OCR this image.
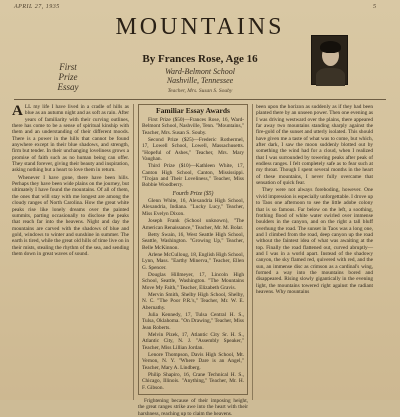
APRIL 27, 1935	5
MOUNTAINS
First
Prize
Essay
By Frances Rose, Age 16
Ward-Belmont School
Nashville, Tennessee
Teacher, Mrs. Susan S. Souby

ALL my life I have lived in a cradle of hills as blue as an autumn night and as soft as rain. After years of familiarity with their curving outlines, there has come to be a sense of spiritual kinship with them and an understanding of their different moods. There is a power in the hills that cannot be found anywhere except in their blue shadows, and strength, firm but tender. In their unchanging loveliness grows a promise of faith such as no human being can offer. They stand forever, giving their beauty and inspiration, asking nothing but a heart to love them in return.

Whenever I have gone, there have been hills. Perhaps they have been wide plains on the journey, but ultimately I have found the mountains. Of all of them, the ones that will stay with me longest are among the cloudy ranges of North Carolina. How the great white peaks rise like lonely dreams over the painted summits, parting occasionally to disclose the peaks that reach far into the heavens. Night and day the mountains are carved with the shadows of blue and gold, windows to winter and sunshine in summer. The earth is tired, while the great old hills of time live on in their mists, stealing the rhythm of the sea, and sending them down in great waves of sound.

Familiar Essay Awards

First Prize ($50)—Frances Rose, 16, Ward-Belmont School, Nashville, Tenn. "Mountains," Teacher, Mrs. Susan S. Souby.

Second Prize ($25)—Frederic Rothermel, 17, Lowell School, Lowell, Massachusetts. "Hopeful of Ashes," Teacher, Mrs. Mary Vaughan.

Third Prize ($10)—Kathleen White, 17, Canton High School, Canton, Mississippi. "Trojan and Their Loveliness," Teacher, Miss Bobbie Woodberry.

Fourth Prize ($5)

Glenn White, 16, Alexandria High School, Alexandria, Indiana. "Lucky Lucy," Teacher, Miss Evelyn Dixon.

Joseph Frank (School unknown), "The American Renaissance," Teacher, Mr. M. Bolar.

Betty Swain, 16, West Seattle High School, Seattle, Washington. "Growing Up," Teacher, Belle McKinnon.

Arlene McCulloug, 18, English High School, Lynn, Mass. "Earthy Minerva," Teacher, Ellen G. Spencer.

Douglas Hillmeyer, 17, Lincoln High School, Seattle, Washington. "The Mountains Move My Faith," Teacher, Elizabeth Gravis.

Mervin Smith, Shelby High School, Shelby, N. C. "The Poor P.R.'s," Teacher, Mr. W. E. Abernathy.

Julia Kennedy, 17, Tulsa Central H. S., Tulsa, Oklahoma. "On Drawing," Teacher, Miss Jean Roberts.

Melvin Pizek, 17, Atlantic City Sr. H. S., Atlantic City, N. J. "Assembly Speaker," Teacher, Miss Lillian Jordan.

Lenore Thompson, Davis High School, Mt. Vernon, N. Y. "Where Dare is an Angel," Teacher, Mary A. Lindberg.

Philip Shapiro, 16, Crane Technical H. S., Chicago, Illinois. "Anything," Teacher, Mr. H. F. Gibson.

Frightening because of their imposing height, the great ranges strike awe into the heart with their harshness, reaching up to claim the heavens.

been upon the horizon as suddenly as if they had been planted there by an unseen power. Then one evening as I was driving westward over the plains, there appeared far away two mountains standing sharply against the fire-gold of the sunset and utterly isolated. This should have given me a taste of what was to come, but which, after dark, I saw the moon suddenly blotted out by something the wind had for a cloud, when I realized that I was surrounded by towering peaks after peak of endless ranges. I felt completely safe as to fear such at my throat. Though I spent several months in the heart of these mountains, I never fully overcame that sensation of quick fear.

They were not always foreboding, however. One vivid impression is especially unforgettable. I drove up to Taos one afternoon to see the little adobe colony that is so famous. Far below on the left, a soothing, frothing flood of white water swirled over immense boulders in the canyon, and on the right a tall bluff overhung the road. The sunset in Taos was a long one, and I climbed from the road, deep canyon up the road without the faintest idea of what was awaiting at the top. Finally the road flattened out, curved abruptly—and I was in a world apart. Instead of the shadowy canyon, the sky flamed red, quivered with red, and the sun, an immense disc as crimson as a cardinal's wing, formed a way into the mountains bored and disappeared. Rising slowly gigantically in the evening light, the mountains towered right against the radiant heavens. Why mountains
